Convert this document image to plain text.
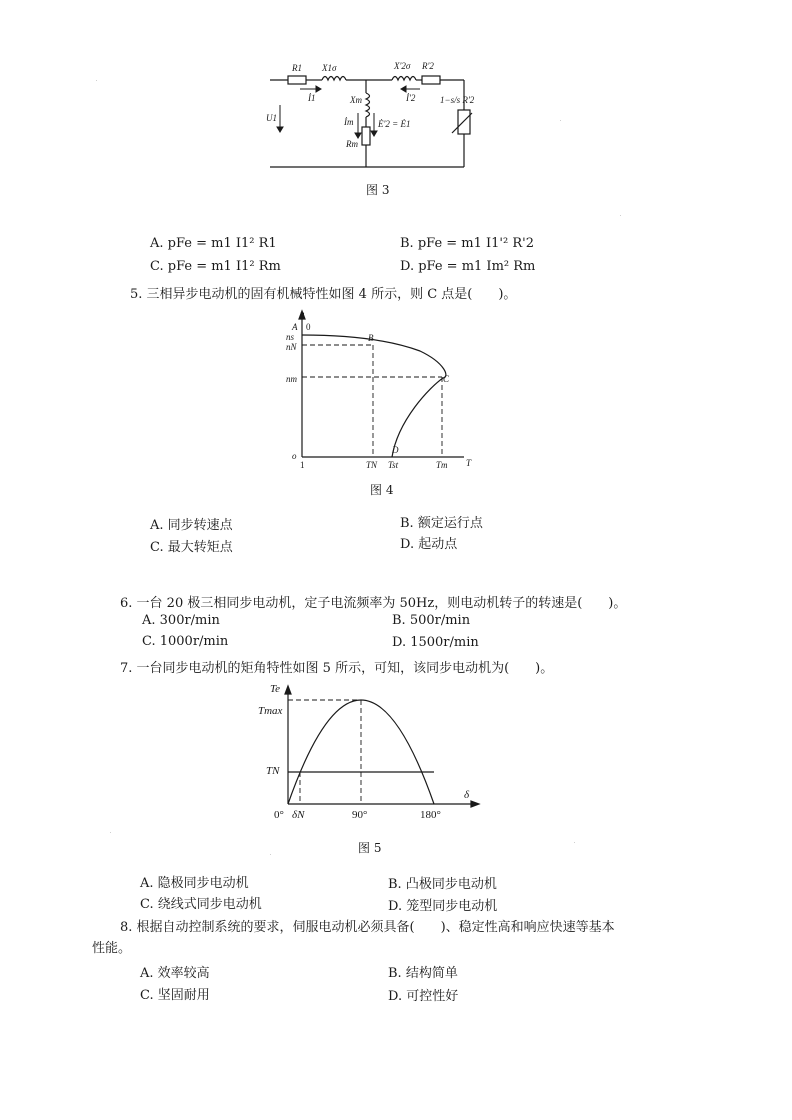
R1 X1σ	X'2σ R'2
İ1	İ'2
Xm
İm	Ė'2 = Ė1
Rm
U1
1−s/s R'2
图 3
A. pFe = m1 I1² R1	B. pFe = m1 I1'² R'2
C. pFe = m1 I1² Rm	D. pFe = m1 Im² Rm
5. 三相异步电动机的固有机械特性如图 4 所示，则 C 点是(　　)。
n
A 0
ns
nN
nm
B
C
D
o
1	TN Tst	Tm T
图 4
A. 同步转速点	B. 额定运行点
C. 最大转矩点	D. 起动点
6. 一台 20 极三相同步电动机，定子电流频率为 50Hz，则电动机转子的转速是(　　)。
A. 300r/min	B. 500r/min
C. 1000r/min	D. 1500r/min
7. 一台同步电动机的矩角特性如图 5 所示，可知，该同步电动机为(　　)。
Te
Tmax
TN
δ
0° δN	90°	180°
图 5
A. 隐极同步电动机	B. 凸极同步电动机
C. 绕线式同步电动机	D. 笼型同步电动机
8. 根据自动控制系统的要求，伺服电动机必须具备(　　)、稳定性高和响应快速等基本
性能。
A. 效率较高	B. 结构简单
C. 坚固耐用	D. 可控性好
